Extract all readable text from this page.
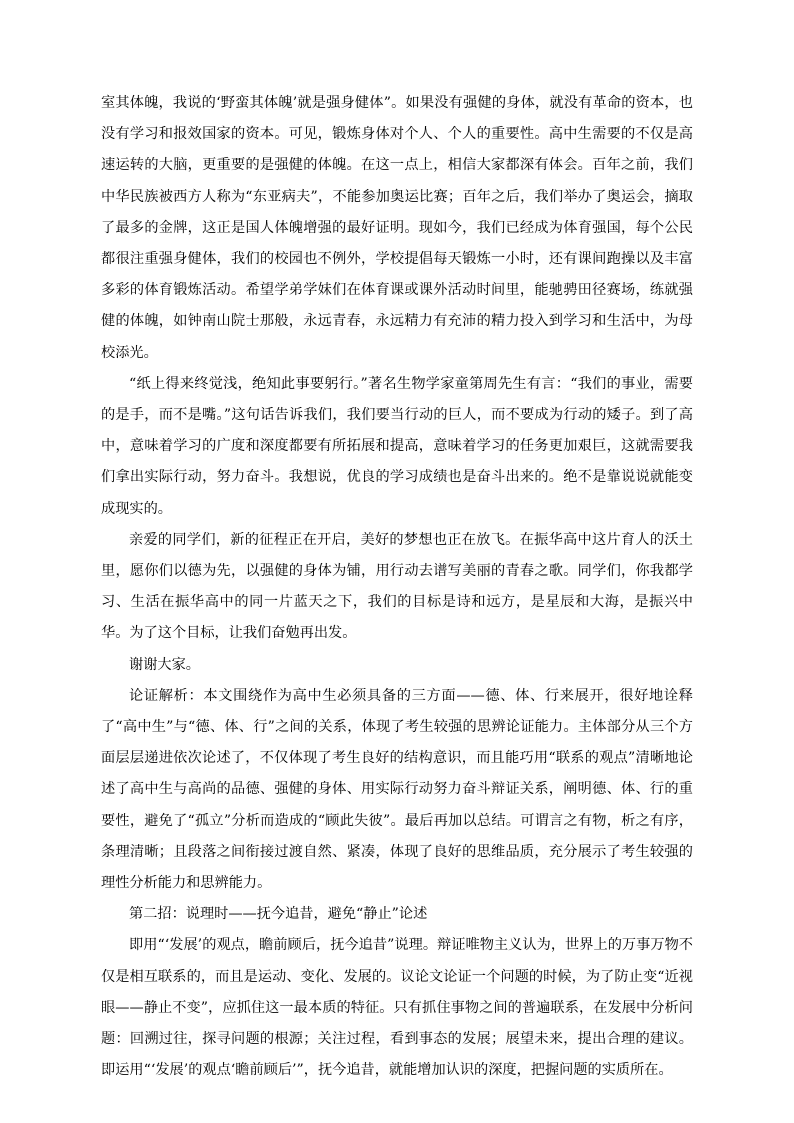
室其体魄，我说的‘野蛮其体魄’就是强身健体”。如果没有强健的身体，就没有革命的资本，也没有学习和报效国家的资本。可见，锻炼身体对个人、个人的重要性。高中生需要的不仅是高速运转的大脑，更重要的是强健的体魄。在这一点上，相信大家都深有体会。百年之前，我们中华民族被西方人称为“东亚病夫”，不能参加奥运比赛；百年之后，我们举办了奥运会，摘取了最多的金牌，这正是国人体魄增强的最好证明。现如今，我们已经成为体育强国，每个公民都很注重强身健体，我们的校园也不例外，学校提倡每天锻炼一小时，还有课间跑操以及丰富多彩的体育锻炼活动。希望学弟学妹们在体育课或课外活动时间里，能驰骋田径赛场，练就强健的体魄，如钟南山院士那般，永远青春，永远精力有充沛的精力投入到学习和生活中，为母校添光。

“纸上得来终觉浅，绝知此事要躬行。”著名生物学家童第周先生有言：“我们的事业，需要的是手，而不是嘴。”这句话告诉我们，我们要当行动的巨人，而不要成为行动的矮子。到了高中，意味着学习的广度和深度都要有所拓展和提高，意味着学习的任务更加艰巨，这就需要我们拿出实际行动，努力奋斗。我想说，优良的学习成绩也是奋斗出来的。绝不是靠说说就能变成现实的。

亲爱的同学们，新的征程正在开启，美好的梦想也正在放飞。在振华高中这片育人的沃土里，愿你们以德为先，以强健的身体为铺，用行动去谱写美丽的青春之歌。同学们，你我都学习、生活在振华高中的同一片蓝天之下，我们的目标是诗和远方，是星辰和大海，是振兴中华。为了这个目标，让我们奋勉再出发。

谢谢大家。

论证解析：本文围绕作为高中生必须具备的三方面——德、体、行来展开，很好地诠释了“高中生”与“德、体、行”之间的关系，体现了考生较强的思辨论证能力。主体部分从三个方面层层递进依次论述了，不仅体现了考生良好的结构意识，而且能巧用“联系的观点”清晰地论述了高中生与高尚的品德、强健的身体、用实际行动努力奋斗辩证关系，阐明德、体、行的重要性，避免了“孤立”分析而造成的“顾此失彼”。最后再加以总结。可谓言之有物，析之有序，条理清晰；且段落之间衔接过渡自然、紧凑，体现了良好的思维品质，充分展示了考生较强的理性分析能力和思辨能力。

第二招：说理时——抚今追昔，避免“静止”论述

即用“‘发展’的观点，瞻前顾后，抚今追昔”说理。辩证唯物主义认为，世界上的万事万物不仅是相互联系的，而且是运动、变化、发展的。议论文论证一个问题的时候，为了防止变“近视眼——静止不变”，应抓住这一最本质的特征。只有抓住事物之间的普遍联系，在发展中分析问题：回溯过往，探寻问题的根源；关注过程，看到事态的发展；展望未来，提出合理的建议。即运用“‘发展’的观点‘瞻前顾后’”，抚今追昔，就能增加认识的深度，把握问题的实质所在。
